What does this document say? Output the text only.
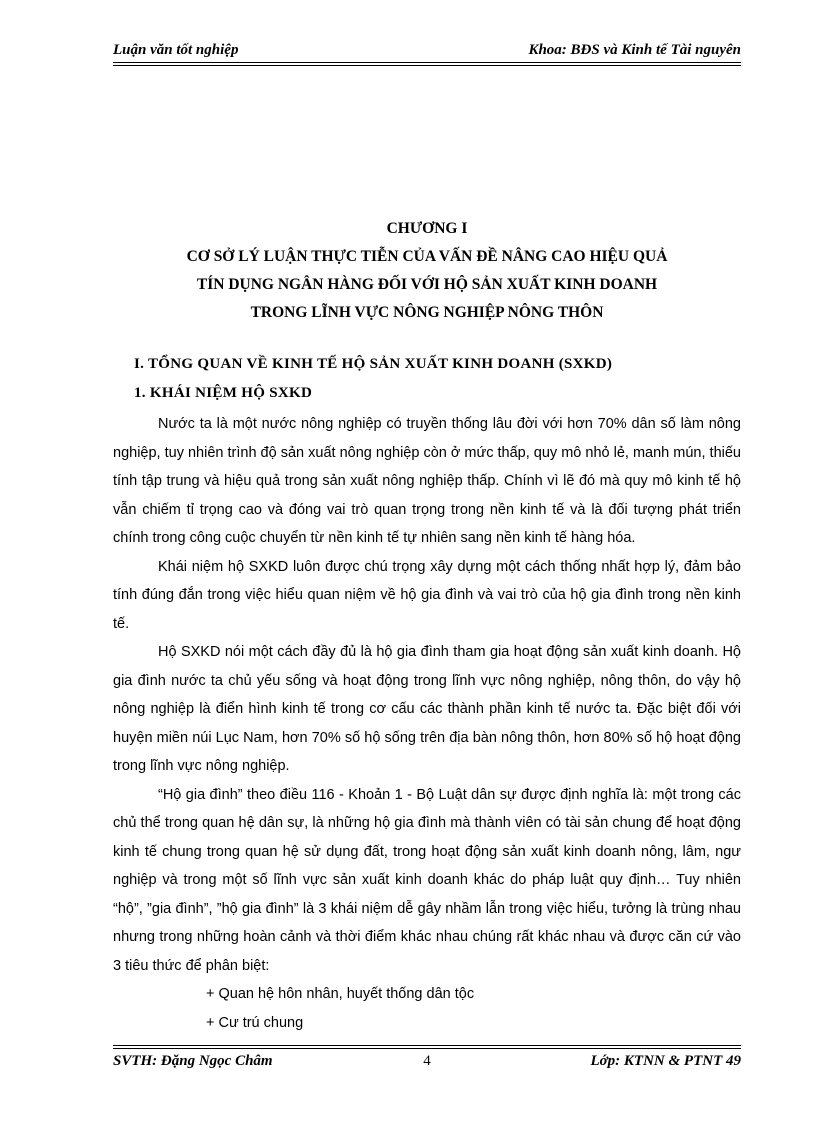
Luận văn tốt nghiệp	Khoa: BĐS và Kinh tế Tài nguyên
CHƯƠNG I
CƠ SỞ LÝ LUẬN THỰC TIỄN CỦA VẤN ĐỀ NÂNG CAO HIỆU QUẢ
TÍN DỤNG NGÂN HÀNG ĐỐI VỚI HỘ SẢN XUẤT KINH DOANH
TRONG LĨNH VỰC NÔNG NGHIỆP NÔNG THÔN
I. TỔNG QUAN VỀ KINH TẾ HỘ SẢN XUẤT KINH DOANH (SXKD)
1. KHÁI NIỆM HỘ SXKD

Nước ta là một nước nông nghiệp có truyền thống lâu đời với hơn 70% dân số làm nông nghiệp, tuy nhiên trình độ sản xuất nông nghiệp còn ở mức thấp, quy mô nhỏ lẻ, manh mún, thiếu tính tập trung và hiệu quả trong sản xuất nông nghiệp thấp. Chính vì lẽ đó mà quy mô kinh tế hộ vẫn chiếm tỉ trọng cao và đóng vai trò quan trọng trong nền kinh tế và là đối tượng phát triển chính trong công cuộc chuyển từ nền kinh tế tự nhiên sang nền kinh tế hàng hóa.

Khái niệm hộ SXKD luôn được chú trọng xây dựng một cách thống nhất hợp lý, đảm bảo tính đúng đắn trong việc hiểu quan niệm về hộ gia đình và vai trò của hộ gia đình trong nền kinh tế.

Hộ SXKD nói một cách đầy đủ là hộ gia đình tham gia hoạt động sản xuất kinh doanh. Hộ gia đình nước ta chủ yếu sống và hoạt động trong lĩnh vực nông nghiệp, nông thôn, do vậy hộ nông nghiệp là điển hình kinh tế trong cơ cấu các thành phần kinh tế nước ta. Đặc biệt đối với huyện miền núi Lục Nam, hơn 70% số hộ sống trên địa bàn nông thôn, hơn 80% số hộ hoạt động trong lĩnh vực nông nghiệp.

“Hộ gia đình” theo điều 116 - Khoản 1 - Bộ Luật dân sự được định nghĩa là: một trong các chủ thể trong quan hệ dân sự, là những hộ gia đình mà thành viên có tài sản chung để hoạt động kinh tế chung trong quan hệ sử dụng đất, trong hoạt động sản xuất kinh doanh nông, lâm, ngư nghiệp và trong một số lĩnh vực sản xuất kinh doanh khác do pháp luật quy định… Tuy nhiên “hộ”, ”gia đình”, ”hộ gia đình” là 3 khái niệm dễ gây nhầm lẫn trong việc hiểu, tưởng là trùng nhau nhưng trong những hoàn cảnh và thời điểm khác nhau chúng rất khác nhau và được căn cứ vào 3 tiêu thức để phân biệt:

+ Quan hệ hôn nhân, huyết thống dân tộc

+ Cư trú chung

SVTH: Đặng Ngọc Châm	4	Lớp: KTNN & PTNT 49
